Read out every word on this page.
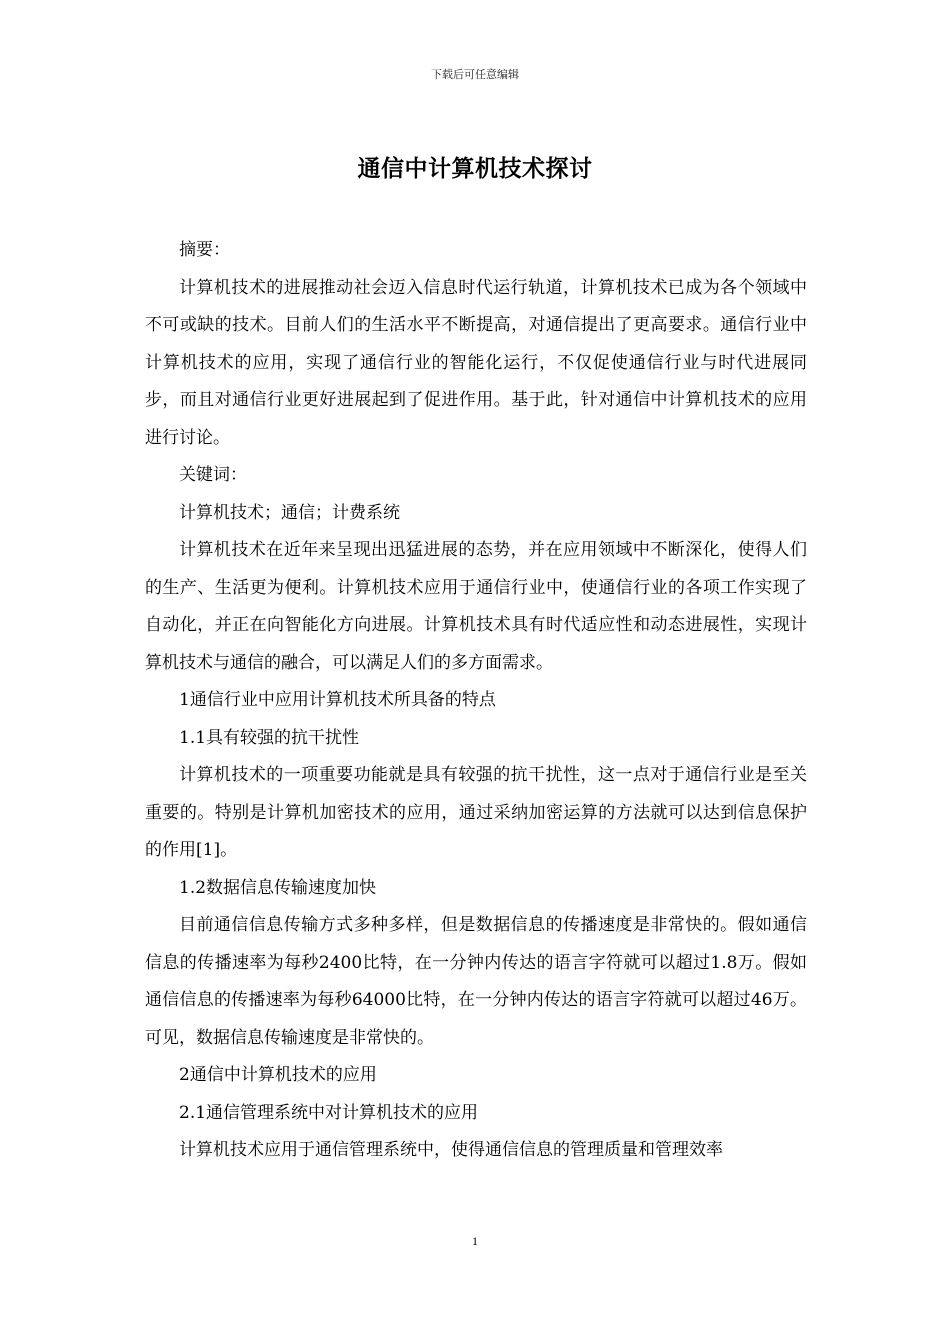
下载后可任意编辑
通信中计算机技术探讨

摘要：

计算机技术的进展推动社会迈入信息时代运行轨道，计算机技术已成为各个领域中不可或缺的技术。目前人们的生活水平不断提高，对通信提出了更高要求。通信行业中计算机技术的应用，实现了通信行业的智能化运行，不仅促使通信行业与时代进展同步，而且对通信行业更好进展起到了促进作用。基于此，针对通信中计算机技术的应用进行讨论。

关键词：

计算机技术；通信；计费系统

计算机技术在近年来呈现出迅猛进展的态势，并在应用领域中不断深化，使得人们的生产、生活更为便利。计算机技术应用于通信行业中，使通信行业的各项工作实现了自动化，并正在向智能化方向进展。计算机技术具有时代适应性和动态进展性，实现计算机技术与通信的融合，可以满足人们的多方面需求。

1通信行业中应用计算机技术所具备的特点

1.1具有较强的抗干扰性

计算机技术的一项重要功能就是具有较强的抗干扰性，这一点对于通信行业是至关重要的。特别是计算机加密技术的应用，通过采纳加密运算的方法就可以达到信息保护的作用[1]。

1.2数据信息传输速度加快

目前通信信息传输方式多种多样，但是数据信息的传播速度是非常快的。假如通信信息的传播速率为每秒2400比特，在一分钟内传达的语言字符就可以超过1.8万。假如通信信息的传播速率为每秒64000比特，在一分钟内传达的语言字符就可以超过46万。可见，数据信息传输速度是非常快的。

2通信中计算机技术的应用

2.1通信管理系统中对计算机技术的应用

计算机技术应用于通信管理系统中，使得通信信息的管理质量和管理效率

1
